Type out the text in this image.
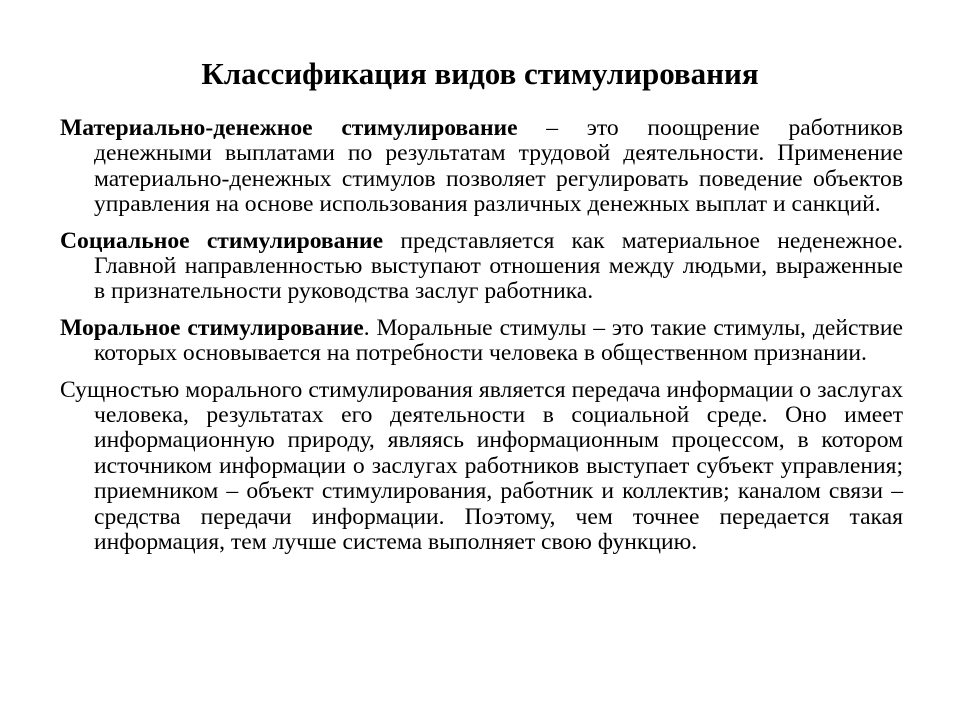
Классификация видов стимулирования

Материально-денежное стимулирование – это поощрение работников денежными выплатами по результатам трудовой деятельности. Применение материально-денежных стимулов позволяет регулировать поведение объектов управления на основе использования различных денежных выплат и санкций.

Социальное стимулирование представляется как материальное неденежное. Главной направленностью выступают отношения между людьми, выраженные в признательности руководства заслуг работника.

Моральное стимулирование. Моральные стимулы – это такие стимулы, действие которых основывается на потребности человека в общественном признании.

Сущностью морального стимулирования является передача информации о заслугах человека, результатах его деятельности в социальной среде. Оно имеет информационную природу, являясь информационным процессом, в котором источником информации о заслугах работников выступает субъект управления; приемником – объект стимулирования, работник и коллектив; каналом связи – средства передачи информации. Поэтому, чем точнее передается такая информация, тем лучше система выполняет свою функцию.
